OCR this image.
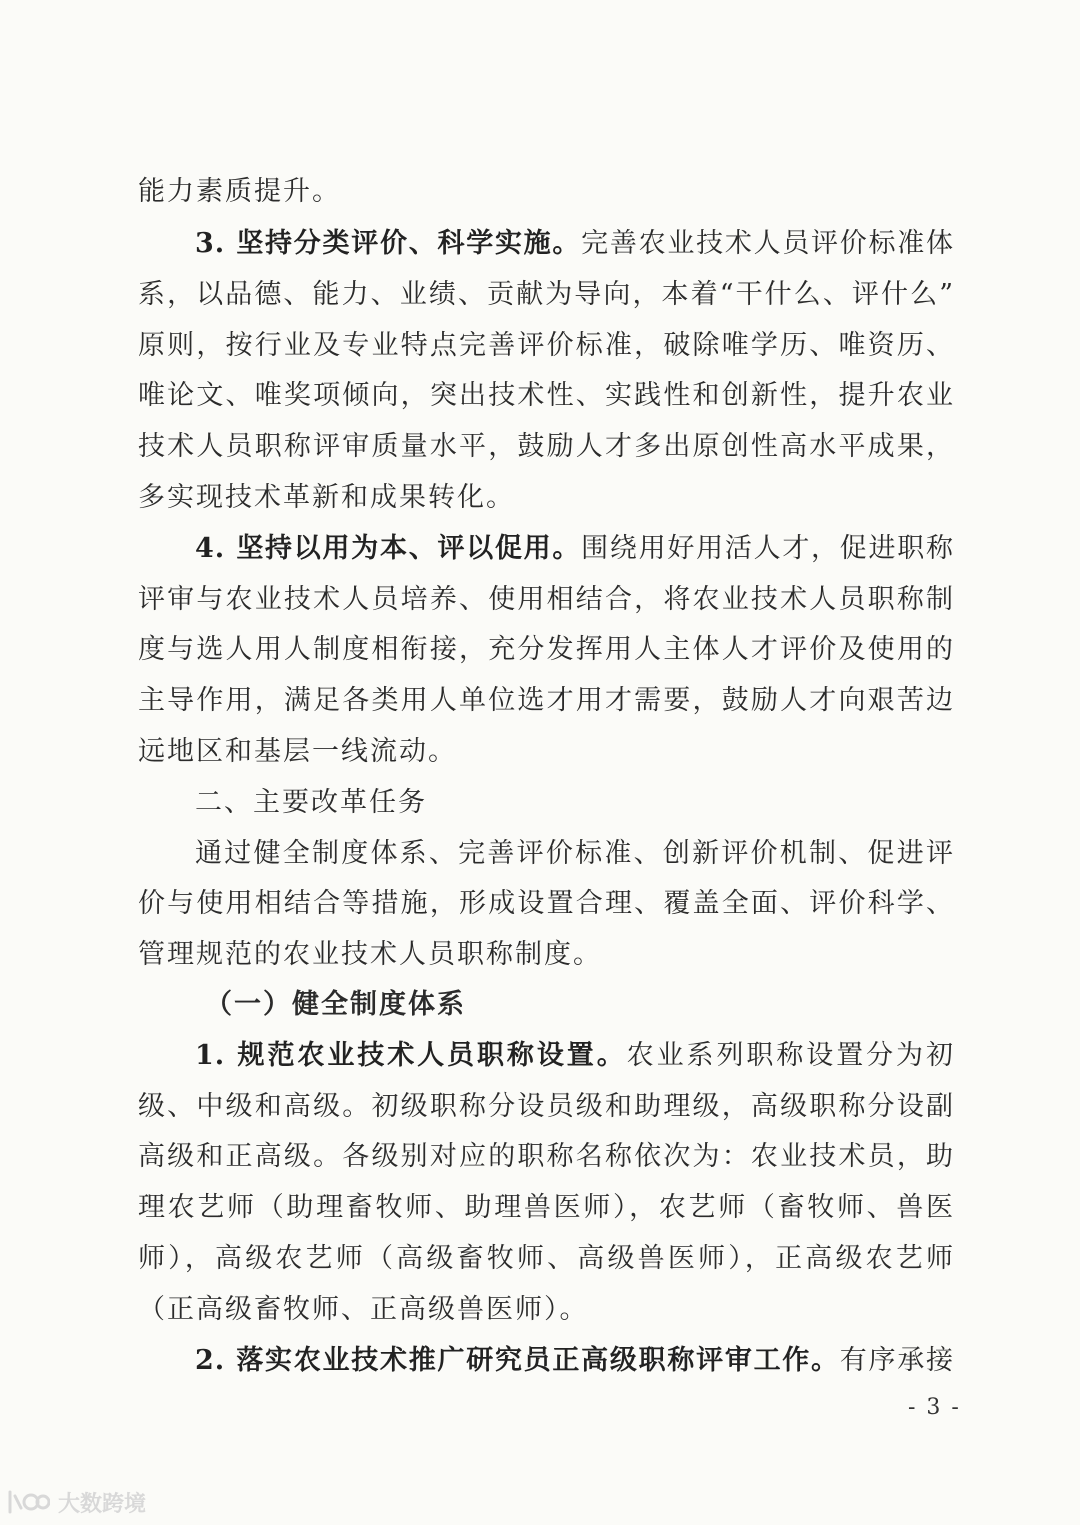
能力素质提升。
3. 坚持分类评价、科学实施。完善农业技术人员评价标准体
系，以品德、能力、业绩、贡献为导向，本着“干什么、评什么”
原则，按行业及专业特点完善评价标准，破除唯学历、唯资历、
唯论文、唯奖项倾向，突出技术性、实践性和创新性，提升农业
技术人员职称评审质量水平，鼓励人才多出原创性高水平成果，
多实现技术革新和成果转化。
4. 坚持以用为本、评以促用。围绕用好用活人才，促进职称
评审与农业技术人员培养、使用相结合，将农业技术人员职称制
度与选人用人制度相衔接，充分发挥用人主体人才评价及使用的
主导作用，满足各类用人单位选才用才需要，鼓励人才向艰苦边
远地区和基层一线流动。
二、主要改革任务
通过健全制度体系、完善评价标准、创新评价机制、促进评
价与使用相结合等措施，形成设置合理、覆盖全面、评价科学、
管理规范的农业技术人员职称制度。
（一）健全制度体系
1. 规范农业技术人员职称设置。农业系列职称设置分为初
级、中级和高级。初级职称分设员级和助理级，高级职称分设副
高级和正高级。各级别对应的职称名称依次为：农业技术员，助
理农艺师（助理畜牧师、助理兽医师），农艺师（畜牧师、兽医
师），高级农艺师（高级畜牧师、高级兽医师），正高级农艺师
（正高级畜牧师、正高级兽医师）。
2. 落实农业技术推广研究员正高级职称评审工作。有序承接
- 3 -
大数跨境
